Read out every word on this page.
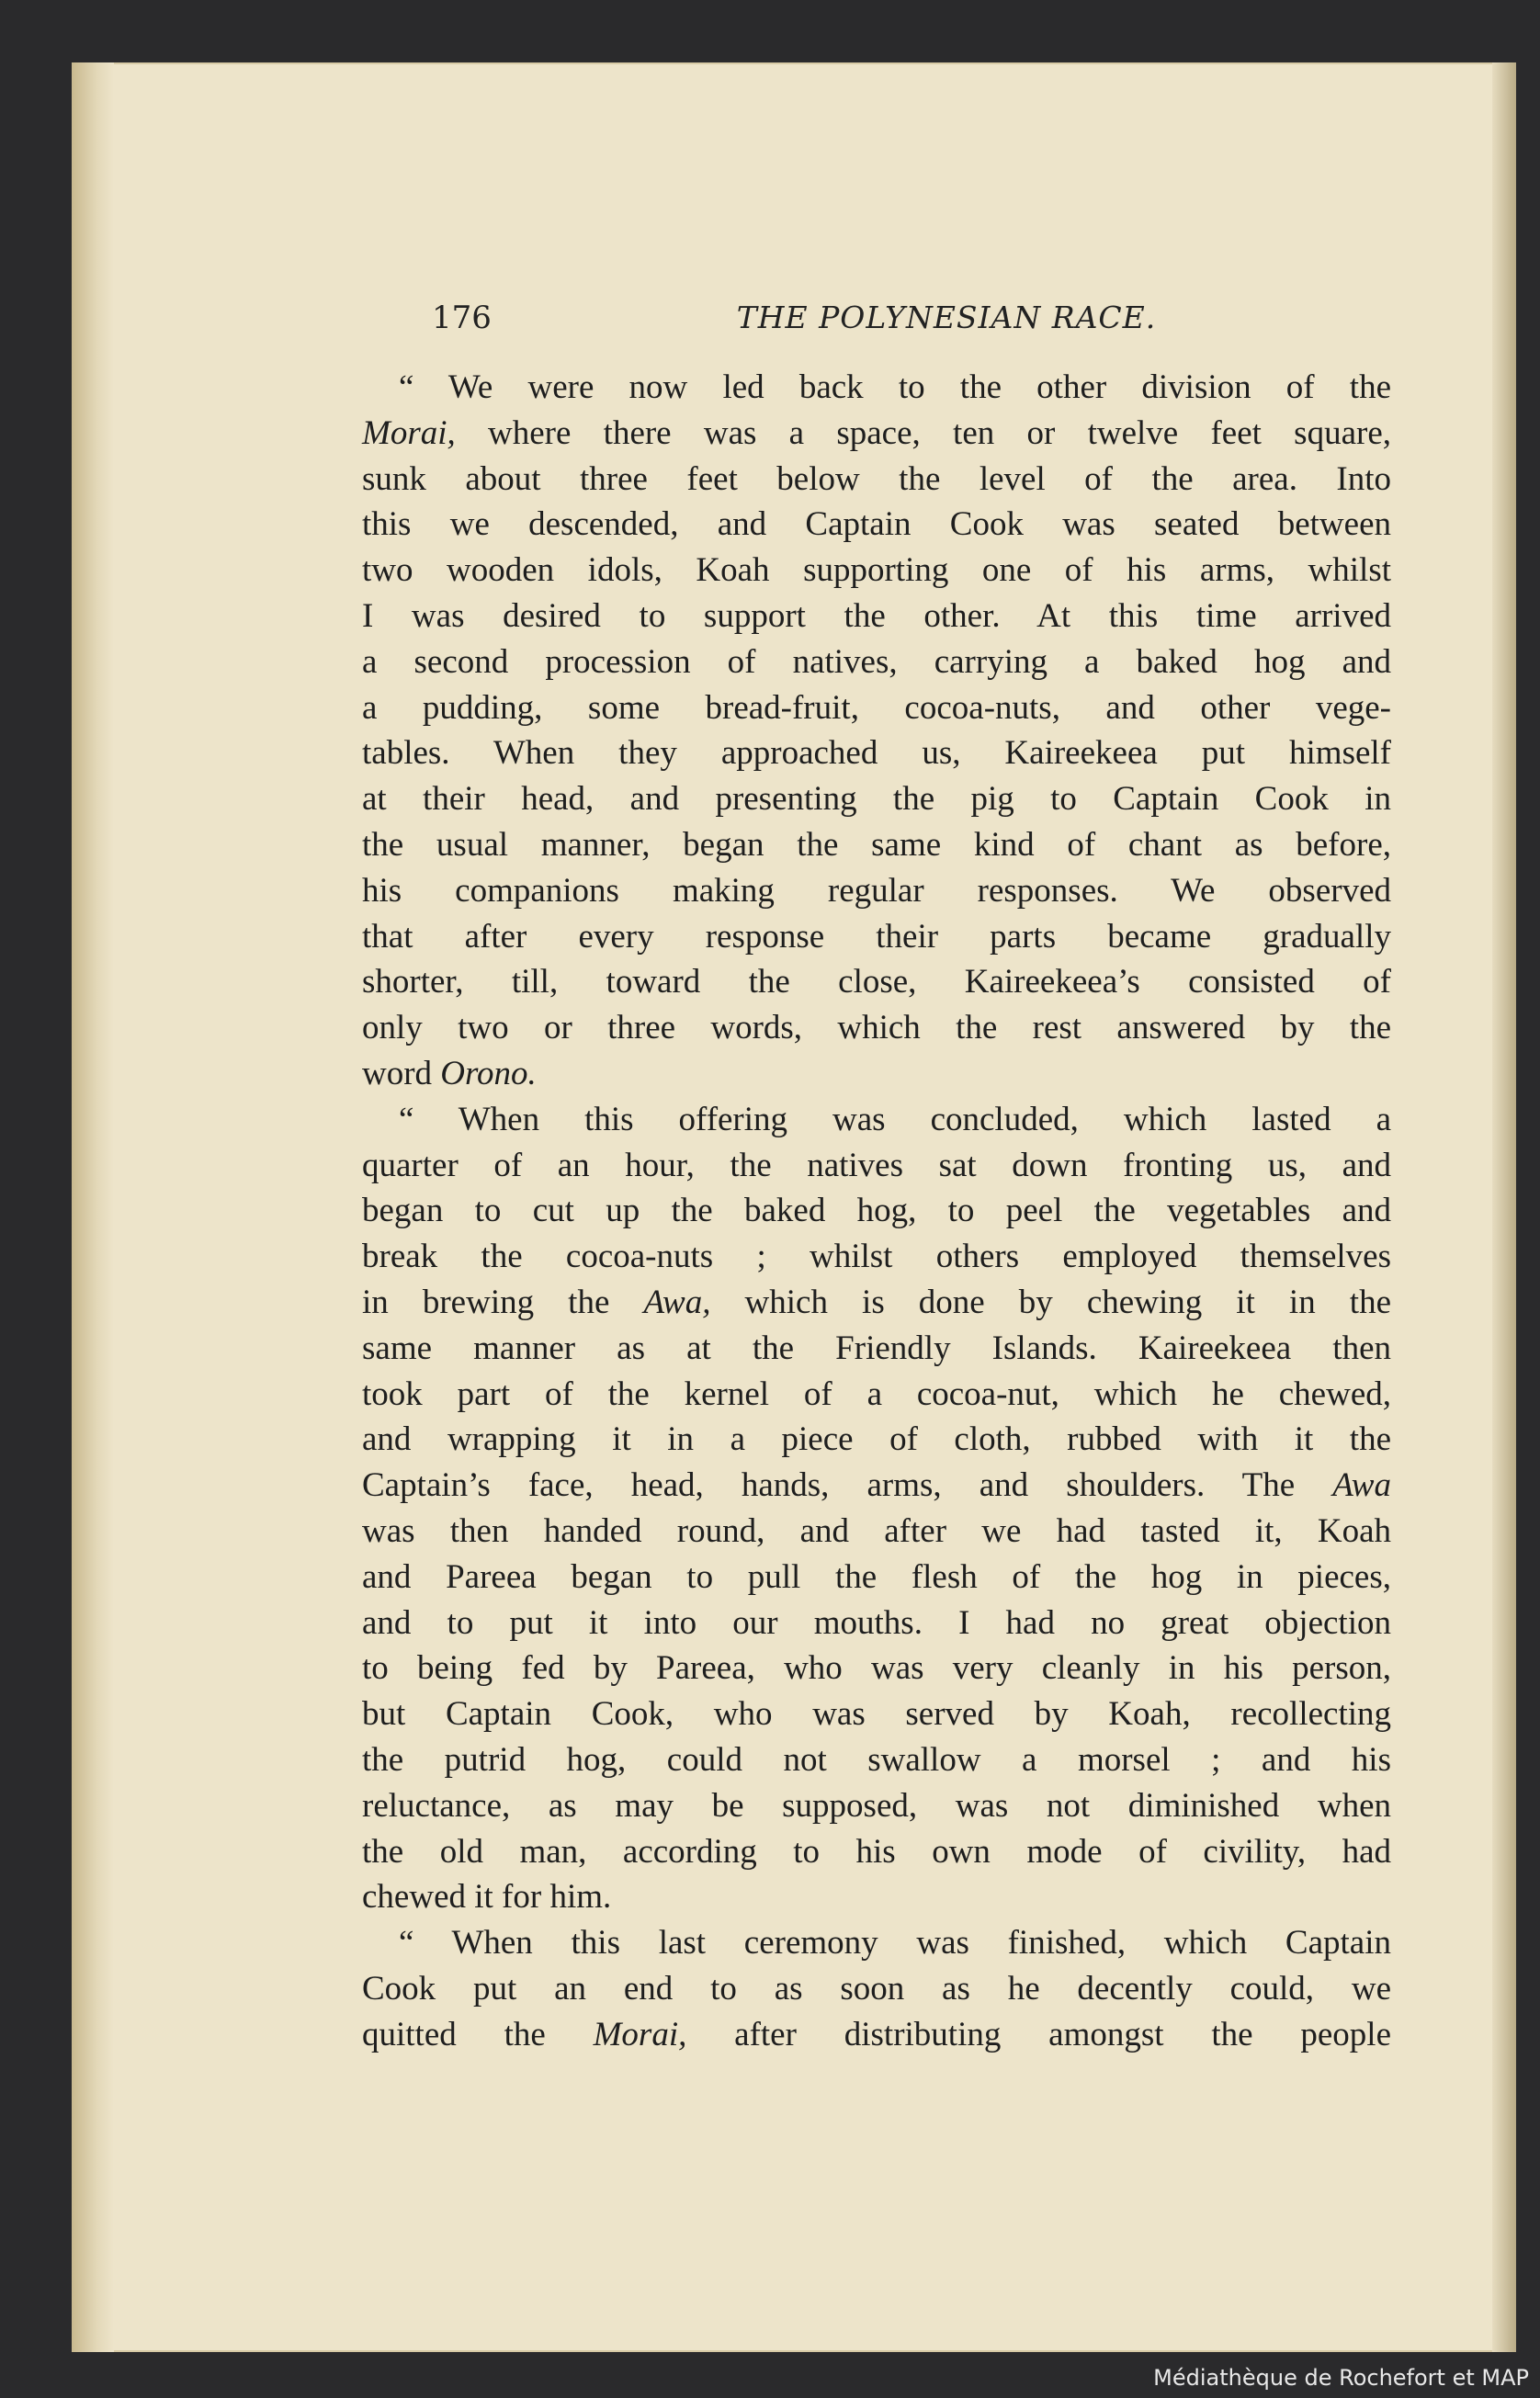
176	THE POLYNESIAN RACE.
“ We were now led back to the other division of the
Morai, where there was a space, ten or twelve feet square,
sunk about three feet below the level of the area. Into
this we descended, and Captain Cook was seated between
two wooden idols, Koah supporting one of his arms, whilst
I was desired to support the other. At this time arrived
a second procession of natives, carrying a baked hog and
a pudding, some bread-fruit, cocoa-nuts, and other vege-
tables. When they approached us, Kaireekeea put himself
at their head, and presenting the pig to Captain Cook in
the usual manner, began the same kind of chant as before,
his companions making regular responses. We observed
that after every response their parts became gradually
shorter, till, toward the close, Kaireekeea’s consisted of
only two or three words, which the rest answered by the
word Orono.
“ When this offering was concluded, which lasted a
quarter of an hour, the natives sat down fronting us, and
began to cut up the baked hog, to peel the vegetables and
break the cocoa-nuts ; whilst others employed themselves
in brewing the Awa, which is done by chewing it in the
same manner as at the Friendly Islands. Kaireekeea then
took part of the kernel of a cocoa-nut, which he chewed,
and wrapping it in a piece of cloth, rubbed with it the
Captain’s face, head, hands, arms, and shoulders. The Awa
was then handed round, and after we had tasted it, Koah
and Pareea began to pull the flesh of the hog in pieces,
and to put it into our mouths. I had no great objection
to being fed by Pareea, who was very cleanly in his person,
but Captain Cook, who was served by Koah, recollecting
the putrid hog, could not swallow a morsel ; and his
reluctance, as may be supposed, was not diminished when
the old man, according to his own mode of civility, had
chewed it for him.
“ When this last ceremony was finished, which Captain
Cook put an end to as soon as he decently could, we
quitted the Morai, after distributing amongst the people
Médiathèque de Rochefort et MAP
